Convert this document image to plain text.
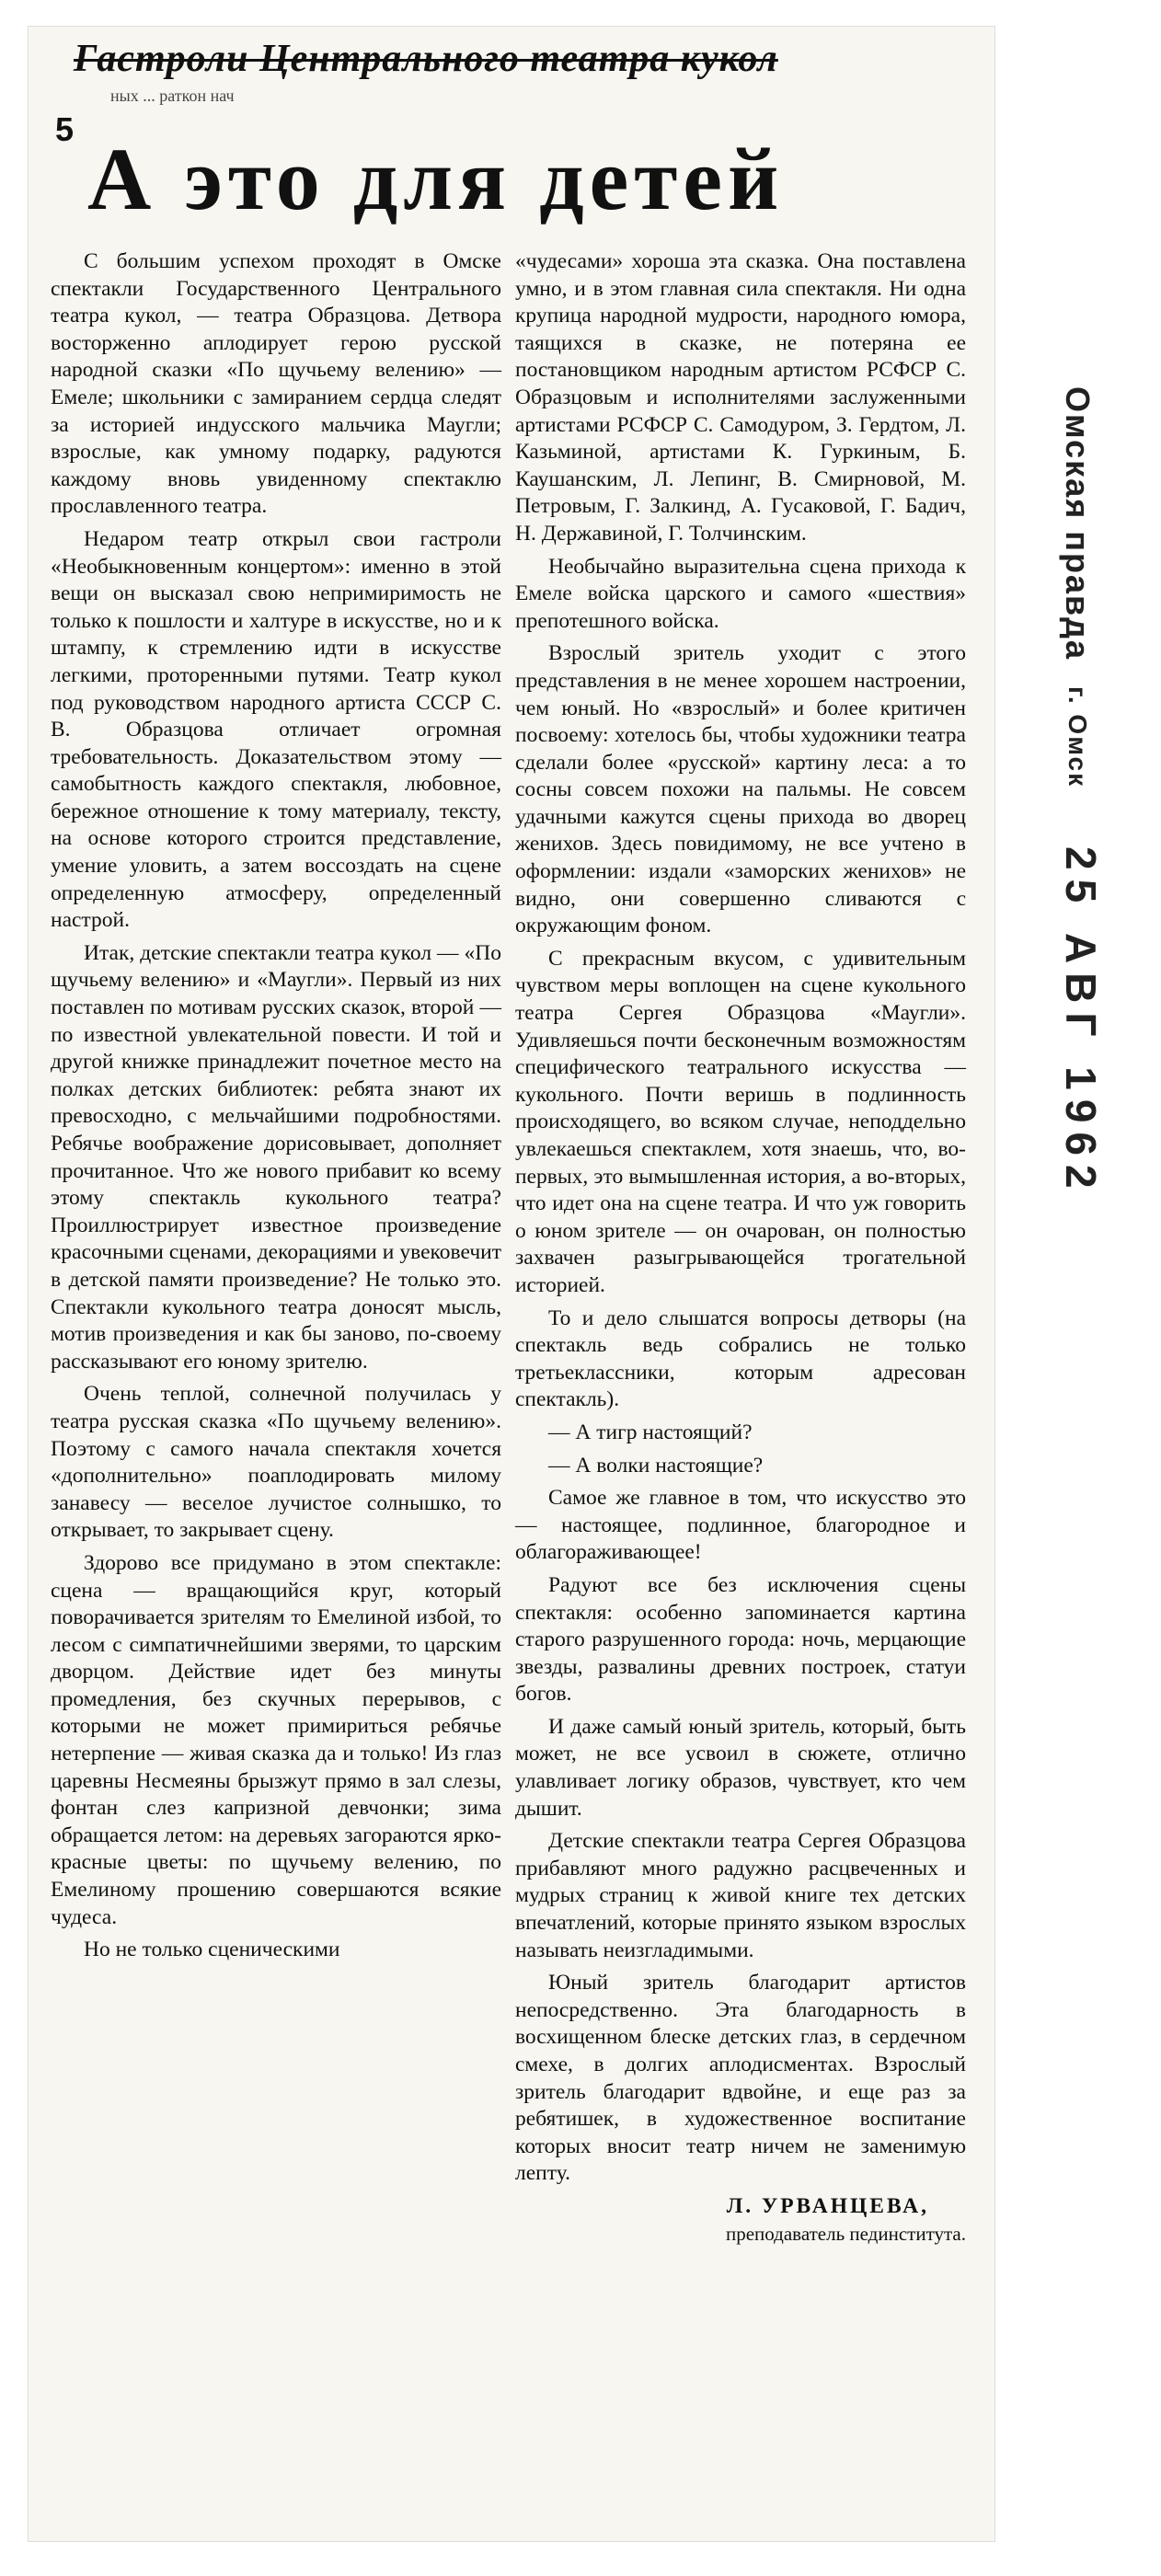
Гастроли Центрального театра кукол
ных ... раткон нач
5
А это для детей

С большим успехом проходят в Омске спектакли Государственного Центрального театра кукол, — театра Образцова. Детвора восторженно аплодирует герою русской народной сказки «По щучьему велению» — Емеле; школьники с замиранием сердца следят за историей индусского мальчика Маугли; взрослые, как умному подарку, радуются каждому вновь увиденному спектаклю прославленного театра.

Недаром театр открыл свои гастроли «Необыкновенным концертом»: именно в этой вещи он высказал свою непримиримость не только к пошлости и халтуре в искусстве, но и к штампу, к стремлению идти в искусстве легкими, проторенными путями. Театр кукол под руководством народного артиста СССР С. В. Образцова отличает огромная требовательность. Доказательством этому — самобытность каждого спектакля, любовное, бережное отношение к тому материалу, тексту, на основе которого строится представление, умение уловить, а затем воссоздать на сцене определенную атмосферу, определенный настрой.

Итак, детские спектакли театра кукол — «По щучьему велению» и «Маугли». Первый из них поставлен по мотивам русских сказок, второй — по известной увлекательной повести. И той и другой книжке принадлежит почетное место на полках детских библиотек: ребята знают их превосходно, с мельчайшими подробностями. Ребячье воображение дорисовывает, дополняет прочитанное. Что же нового прибавит ко всему этому спектакль кукольного театра? Проиллюстрирует известное произведение красочными сценами, декорациями и увековечит в детской памяти произведение? Не только это. Спектакли кукольного театра доносят мысль, мотив произведения и как бы заново, по-своему рассказывают его юному зрителю.

Очень теплой, солнечной получилась у театра русская сказка «По щучьему велению». Поэтому с самого начала спектакля хочется «дополнительно» поаплодировать милому занавесу — веселое лучистое солнышко, то открывает, то закрывает сцену.

Здорово все придумано в этом спектакле: сцена — вращающийся круг, который поворачивается зрителям то Емелиной избой, то лесом с симпатичнейшими зверями, то царским дворцом. Действие идет без минуты промедления, без скучных перерывов, с которыми не может примириться ребячье нетерпение — живая сказка да и только! Из глаз царевны Несмеяны брызжут прямо в зал слезы, фонтан слез капризной девчонки; зима обращается летом: на деревьях загораются ярко-красные цветы: по щучьему велению, по Емелиному прошению совершаются всякие чудеса.

Но не только сценическими

«чудесами» хороша эта сказка. Она поставлена умно, и в этом главная сила спектакля. Ни одна крупица народной мудрости, народного юмора, таящихся в сказке, не потеряна ее постановщиком народным артистом РСФСР С. Образцовым и исполнителями заслуженными артистами РСФСР С. Самодуром, З. Гердтом, Л. Казьминой, артистами К. Гуркиным, Б. Каушанским, Л. Лепинг, В. Смирновой, М. Петровым, Г. Залкинд, А. Гусаковой, Г. Бадич, Н. Державиной, Г. Толчинским.

Необычайно выразительна сцена прихода к Емеле войска царского и самого «шествия» препотешного войска.

Взрослый зритель уходит с этого представления в не менее хорошем настроении, чем юный. Но «взрослый» и более критичен посвоему: хотелось бы, чтобы художники театра сделали более «русской» картину леса: а то сосны совсем похожи на пальмы. Не совсем удачными кажутся сцены прихода во дворец женихов. Здесь повидимому, не все учтено в оформлении: издали «заморских женихов» не видно, они совершенно сливаются с окружающим фоном.

С прекрасным вкусом, с удивительным чувством меры воплощен на сцене кукольного театра Сергея Образцова «Маугли». Удивляешься почти бесконечным возможностям специфического театрального искусства — кукольного. Почти веришь в подлинность происходящего, во всяком случае, неподдельно увлекаешься спектаклем, хотя знаешь, что, во-первых, это вымышленная история, а во-вторых, что идет она на сцене театра. И что уж говорить о юном зрителе — он очарован, он полностью захвачен разыгрывающейся трогательной историей.

То и дело слышатся вопросы детворы (на спектакль ведь собрались не только третьеклассники, которым адресован спектакль).

— А тигр настоящий?

— А волки настоящие?

Самое же главное в том, что искусство это — настоящее, подлинное, благородное и облагораживающее!

Радуют все без исключения сцены спектакля: особенно запоминается картина старого разрушенного города: ночь, мерцающие звезды, развалины древних построек, статуи богов.

И даже самый юный зритель, который, быть может, не все усвоил в сюжете, отлично улавливает логику образов, чувствует, кто чем дышит.

Детские спектакли театра Сергея Образцова прибавляют много радужно расцвеченных и мудрых страниц к живой книге тех детских впечатлений, которые принято языком взрослых называть неизгладимыми.

Юный зритель благодарит артистов непосредственно. Эта благодарность в восхищенном блеске детских глаз, в сердечном смехе, в долгих аплодисментах. Взрослый зритель благодарит вдвойне, и еще раз за ребятишек, в художественное воспитание которых вносит театр ничем не заменимую лепту.

Л. УРВАНЦЕВА,

преподаватель пединститута.

Омская правда г. Омск
25 АВГ 1962
